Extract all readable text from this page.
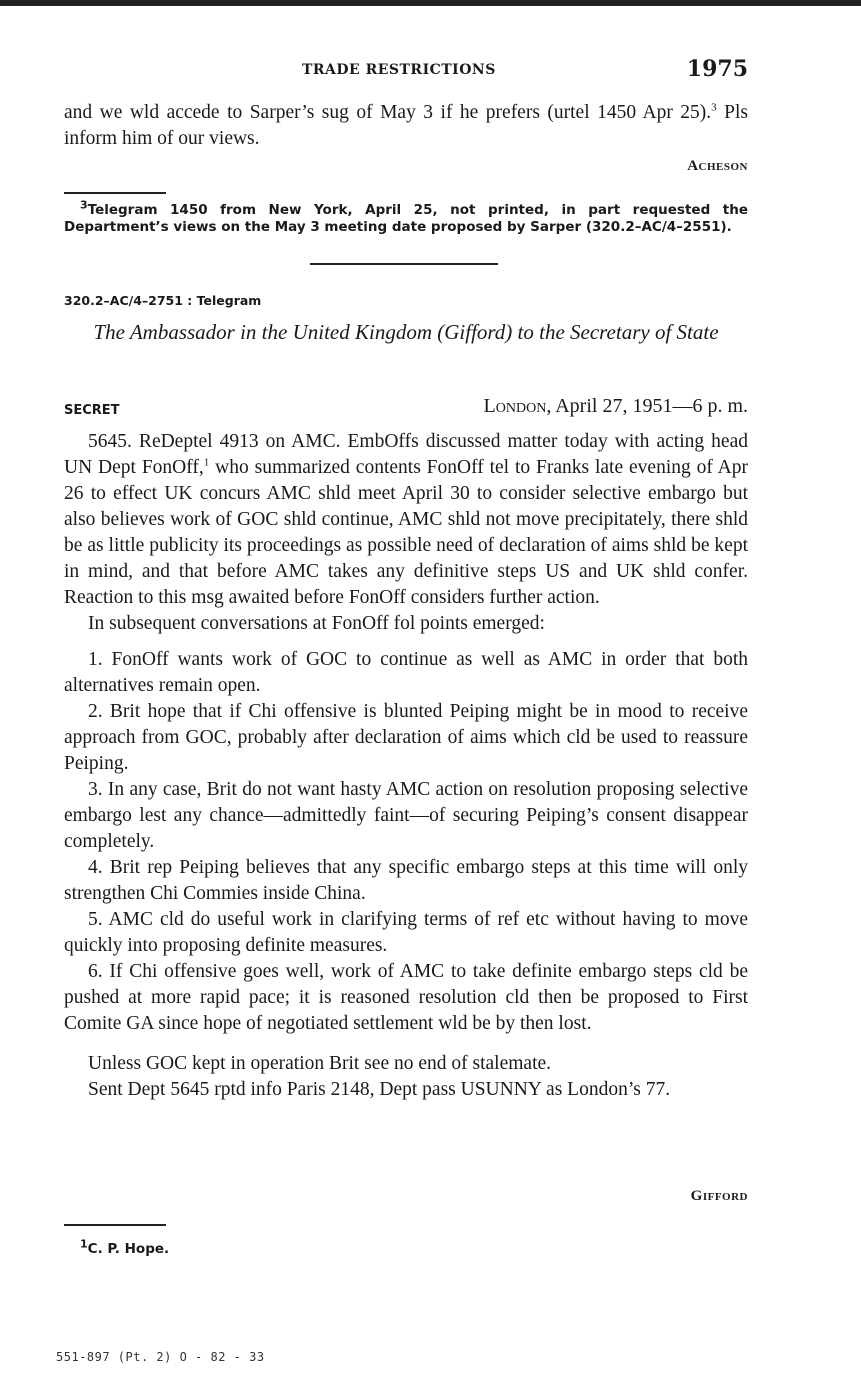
TRADE RESTRICTIONS	1975

and we wld accede to Sarper’s sug of May 3 if he prefers (urtel 1450 Apr 25).$^3$ Pls inform him of our views.

Acheson
$^3$Telegram 1450 from New York, April 25, not printed, in part requested the Department’s views on the May 3 meeting date proposed by Sarper (320.2–AC/4–2551).
320.2–AC/4–2751 : Telegram
The Ambassador in the United Kingdom (Gifford) to the Secretary of State
SECRET	London, April 27, 1951—6 p. m.

5645. ReDeptel 4913 on AMC. EmbOffs discussed matter today with acting head UN Dept FonOff,$^1$ who summarized contents FonOff tel to Franks late evening of Apr 26 to effect UK concurs AMC shld meet April 30 to consider selective embargo but also believes work of GOC shld continue, AMC shld not move precipitately, there shld be as little publicity its proceedings as possible need of declaration of aims shld be kept in mind, and that before AMC takes any definitive steps US and UK shld confer. Reaction to this msg awaited before FonOff considers further action.

In subsequent conversations at FonOff fol points emerged:

1. FonOff wants work of GOC to continue as well as AMC in order that both alternatives remain open.

2. Brit hope that if Chi offensive is blunted Peiping might be in mood to receive approach from GOC, probably after declaration of aims which cld be used to reassure Peiping.

3. In any case, Brit do not want hasty AMC action on resolution proposing selective embargo lest any chance—admittedly faint—of securing Peiping’s consent disappear completely.

4. Brit rep Peiping believes that any specific embargo steps at this time will only strengthen Chi Commies inside China.

5. AMC cld do useful work in clarifying terms of ref etc without having to move quickly into proposing definite measures.

6. If Chi offensive goes well, work of AMC to take definite embargo steps cld be pushed at more rapid pace; it is reasoned resolution cld then be proposed to First Comite GA since hope of negotiated settlement wld be by then lost.

Unless GOC kept in operation Brit see no end of stalemate.

Sent Dept 5645 rptd info Paris 2148, Dept pass USUNNY as London’s 77.

Gifford
$^1$C. P. Hope.
551-897 (Pt. 2) O - 82 - 33
